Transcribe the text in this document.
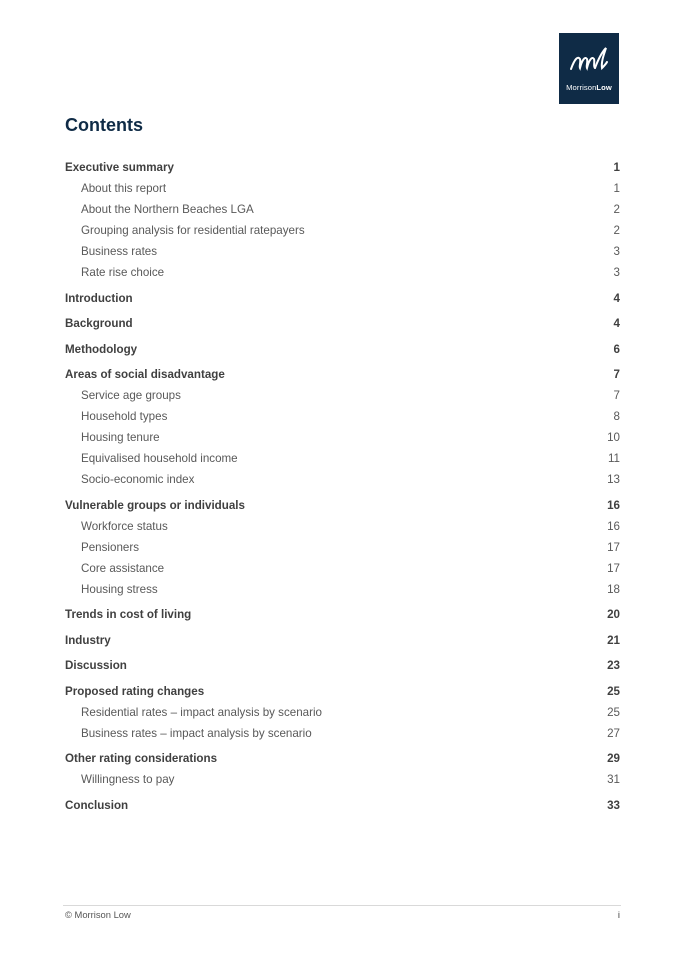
MorrisonLow
Contents
Executive summary	1
About this report	1
About the Northern Beaches LGA	2
Grouping analysis for residential ratepayers	2
Business rates	3
Rate rise choice	3
Introduction	4
Background	4
Methodology	6
Areas of social disadvantage	7
Service age groups	7
Household types	8
Housing tenure	10
Equivalised household income	11
Socio-economic index	13
Vulnerable groups or individuals	16
Workforce status	16
Pensioners	17
Core assistance	17
Housing stress	18
Trends in cost of living	20
Industry	21
Discussion	23
Proposed rating changes	25
Residential rates – impact analysis by scenario	25
Business rates – impact analysis by scenario	27
Other rating considerations	29
Willingness to pay	31
Conclusion	33
© Morrison Low	i
